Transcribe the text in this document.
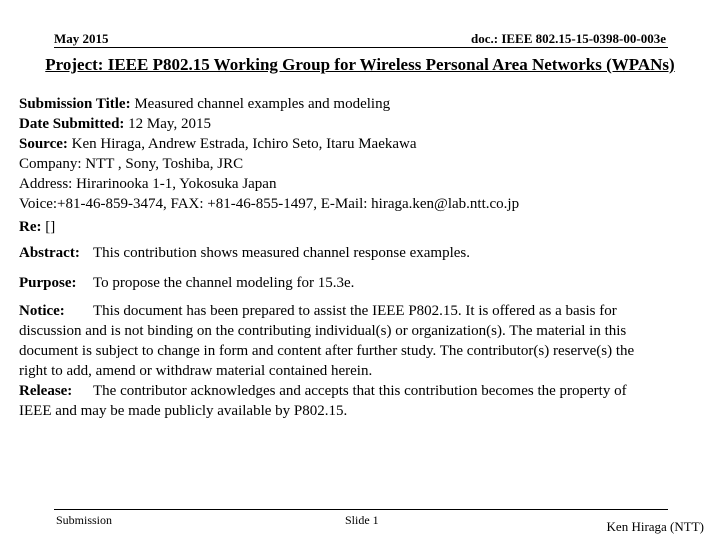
May 2015	doc.: IEEE 802.15-15-0398-00-003e
Project: IEEE P802.15 Working Group for Wireless Personal Area Networks (WPANs)
Submission Title: Measured channel examples and modeling
Date Submitted: 12 May, 2015
Source: Ken Hiraga, Andrew Estrada, Ichiro Seto, Itaru Maekawa
Company: NTT , Sony, Toshiba, JRC
Address: Hirarinooka 1-1, Yokosuka Japan
Voice:+81-46-859-3474, FAX: +81-46-855-1497, E-Mail: hiraga.ken@lab.ntt.co.jp
Re: []
Abstract: This contribution shows measured channel response examples.
Purpose:	To propose the channel modeling for 15.3e.
Notice: This document has been prepared to assist the IEEE P802.15. It is offered as a basis for
discussion and is not binding on the contributing individual(s) or organization(s). The material in this
document is subject to change in form and content after further study. The contributor(s) reserve(s) the
right to add, amend or withdraw material contained herein.
Release: The contributor acknowledges and accepts that this contribution becomes the property of
IEEE and may be made publicly available by P802.15.
Submission	Slide 1	Ken Hiraga (NTT)
